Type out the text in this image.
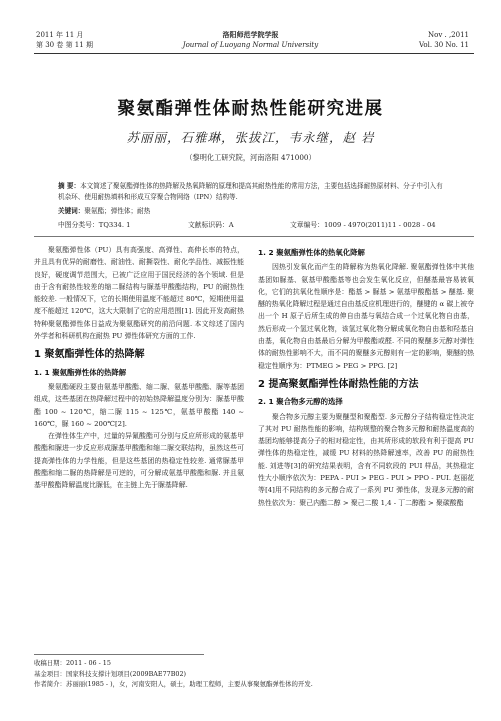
2011 年 11 月
第 30 卷 第 11 期
洛阳师范学院学报
Journal of Luoyang Normal University
Nov . ,2011
Vol. 30 No. 11
聚氨酯弹性体耐热性能研究进展
苏丽丽，石雅琳，张拔江，韦永继，赵 岩
（黎明化工研究院，河南洛阳 471000）
摘 要：本文简述了聚氨酯弹性体的热降解及热氧降解的原理和提高其耐热性能的常用方法，主要包括选择耐热原材料、分子中引入有机杂环、使用耐热填料和形成互穿聚合物网络（IPN）结构等.
关键词：聚氨酯；弹性体；耐热
中图分类号：TQ334. 1	文献标识码：A	文章编号：1009 - 4970(2011)11 - 0028 - 04

聚氨酯弹性体（PU）具有高强度、高弹性、高伸长率的特点，并且具有优异的耐磨性、耐油性、耐撕裂性、耐化学品性、减振性能良好，硬度调节范围大，已被广泛应用于国民经济的各个领域. 但是由于含有耐热性较差的缩二脲结构与脲基甲酸酯结构，PU 的耐热性能较差. 一般情况下，它的长期使用温度不能超过 80℃，短期使用温度不能超过 120℃，这大大限制了它的应用范围[1]. 因此开发高耐热特种聚氨酯弹性体日益成为聚氨酯研究的前沿问题. 本文综述了国内外学者和科研机构在耐热 PU 弹性体研究方面的工作.

1 聚氨酯弹性体的热降解
1. 1 聚氨酯弹性体的热降解

聚氨酯硬段主要由氨基甲酸酯、缩二脲、氨基甲酸酯、脲等基团组成，这些基团在热降解过程中的初始热降解温度分别为：脲基甲酸酯 100 ~ 120℃，缩二脲 115 ~ 125℃，氨基甲酸酯 140 ~ 160℃，脲 160 ~ 200℃[2].

在弹性体生产中，过量的异氰酸酯可分别与反应所形成的氨基甲酸酯和脲进一步反应形成脲基甲酸酯和缩二脲交联结构，虽然这些可提高弹性体的力学性能，但是这些基团的热稳定性较差. 通常脲基甲酸酯和缩二脲的热降解是可逆的，可分解成氨基甲酸酯和脲. 并且氨基甲酸酯降解温度比脲低，在主链上先于脲基降解.

1. 2 聚氨酯弹性体的热氧化降解

因热引发氧化而产生的降解称为热氧化降解. 聚氨酯弹性体中其他基团如脲基、氨基甲酸酯基等也会发生氧化反应，但醚基最容易被氧化，它们的抗氧化性顺序是：酯基 > 脲基 > 氨基甲酸酯基 > 醚基. 聚醚的热氧化降解过程是通过自由基反应机理进行的，醚键的 α 碳上被夺出一个 H 原子后所生成的伸自由基与氧结合成一个过氧化物自由基，然后形成一个氢过氧化物，该氢过氧化物分解成氧化物自由基和羟基自由基，氧化物自由基最后分解为甲酸酯或醛. 不同的聚醚多元醇对弹性体的耐热性影响不大，而不同的聚醚多元醇则有一定的影响，聚醚的热稳定性顺序为：PTMEG > PEG > PPG. [2]

2 提高聚氨酯弹性体耐热性能的方法
2. 1 聚合物多元醇的选择

聚合物多元醇主要为聚醚型和聚酯型. 多元醇分子结构稳定性决定了其对 PU 耐热性能的影响，结构规整的聚合物多元醇和耐热温度高的基团均能够提高分子的相对稳定性，由其所形成的软段有利于提高 PU 弹性体的热稳定性，减缓 PU 材料的热降解速率，改善 PU 的耐热性能. 刘进等[3]的研究结果表明，含有不同软段的 PUI 样品，其热稳定性大小顺序依次为：PEPA - PUI > PEG - PUI > PPO - PUI. 赵丽花等[4]用不同结构的多元醇合成了一系列 PU 弹性体，发现多元醇的耐热性依次为：聚己内酯二醇 > 聚己二酸 1,4 - 丁二醇酯 > 聚碳酸酯

收稿日期：2011 - 06 - 15
基金项目：国家科技支撑计划项目(2009BAE77B02)
作者简介：苏丽丽(1985 - )，女，河南安阳人，硕士，助理工程师，主要从事聚氨酯弹性体的开发.
